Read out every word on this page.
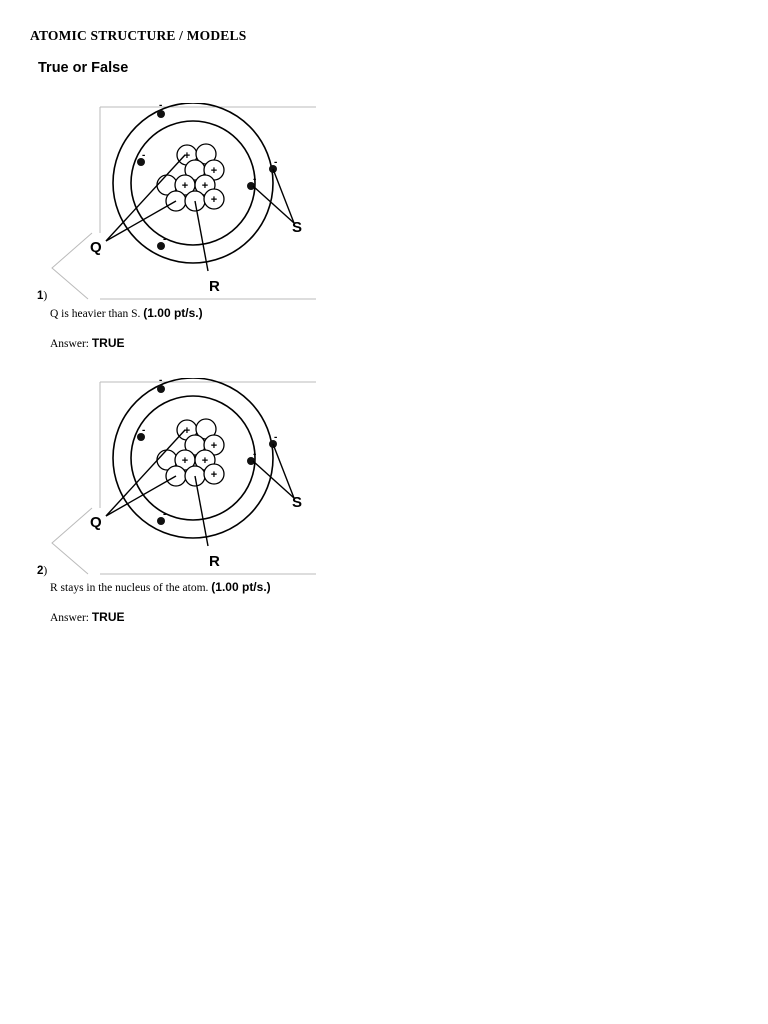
ATOMIC STRUCTURE / MODELS
True or False
+
+
+ +
+
-
-
-
-
-
Q
R
S
1)
Q is heavier than S. (1.00 pt/s.)
Answer: TRUE
+
+
+ +
+
-
-
-
-
-
Q
R
S
2)
R stays in the nucleus of the atom. (1.00 pt/s.)
Answer: TRUE
